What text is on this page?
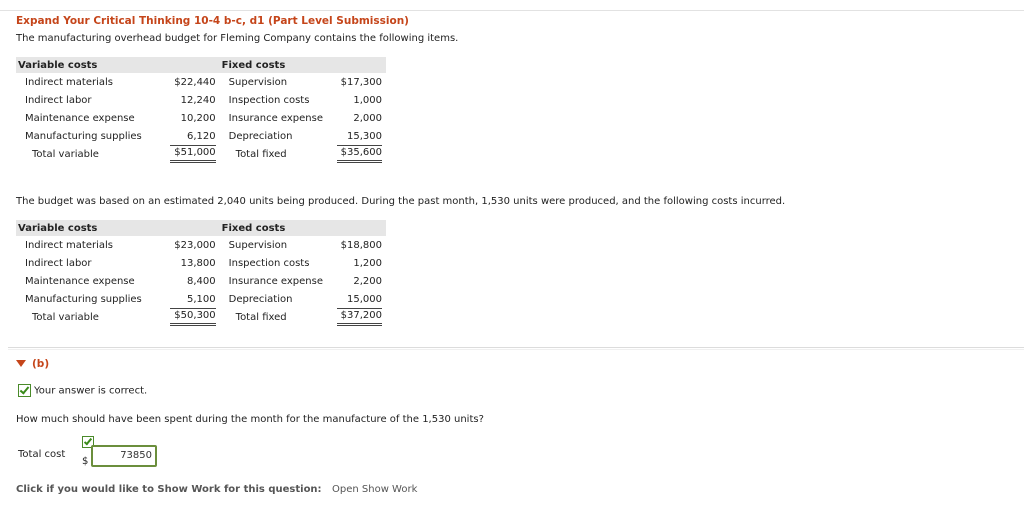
Expand Your Critical Thinking 10-4 b-c, d1 (Part Level Submission)
The manufacturing overhead budget for Fleming Company contains the following items.
Variable costs		Fixed costs	
Indirect materials	$22,440	Supervision	$17,300
Indirect labor	12,240	Inspection costs	1,000
Maintenance expense	10,200	Insurance expense	2,000
Manufacturing supplies	6,120	Depreciation	15,300
Total variable	$51,000	Total fixed	$35,600
The budget was based on an estimated 2,040 units being produced. During the past month, 1,530 units were produced, and the following costs incurred.
Variable costs		Fixed costs	
Indirect materials	$23,000	Supervision	$18,800
Indirect labor	13,800	Inspection costs	1,200
Maintenance expense	8,400	Insurance expense	2,200
Manufacturing supplies	5,100	Depreciation	15,000
Total variable	$50,300	Total fixed	$37,200
(b)
Your answer is correct.
How much should have been spent during the month for the manufacture of the 1,530 units?
Total cost
$
73850
Click if you would like to Show Work for this question: Open Show Work
